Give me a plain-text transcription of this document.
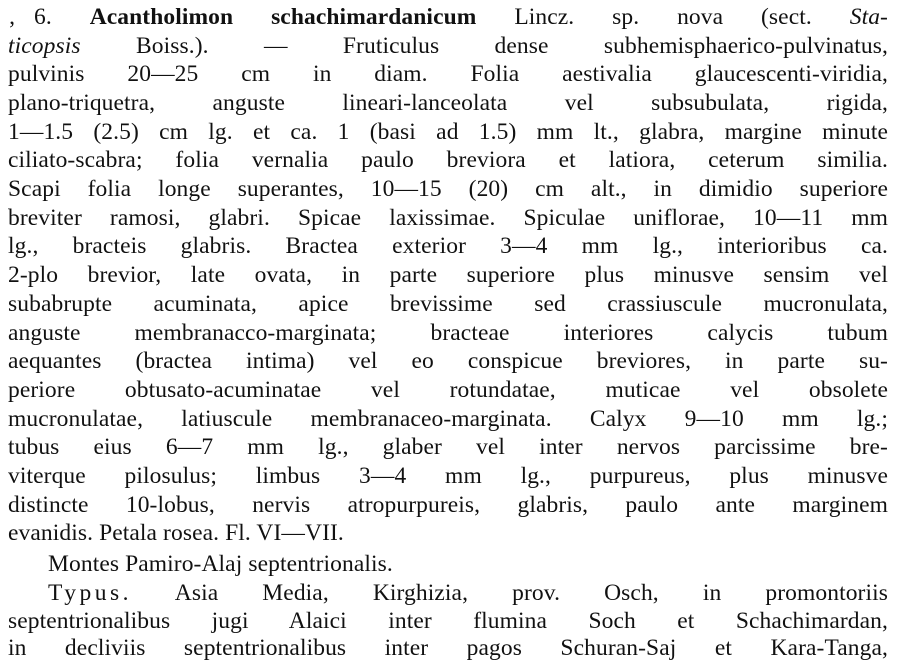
‚ 6. Acantholimon schachimardanicum Lincz. sp. nova (sect. Sta-
ticopsis Boiss.). — Fruticulus dense subhemisphaerico-pulvinatus,
pulvinis 20—25 cm in diam. Folia aestivalia glaucescenti-viridia,
plano-triquetra, anguste lineari-lanceolata vel subsubulata, rigida,
1—1.5 (2.5) cm lg. et ca. 1 (basi ad 1.5) mm lt., glabra, margine minute
ciliato-scabra; folia vernalia paulo breviora et latiora, ceterum similia.
Scapi folia longe superantes, 10—15 (20) cm alt., in dimidio superiore
breviter ramosi, glabri. Spicae laxissimae. Spiculae uniflorae, 10—11 mm
lg., bracteis glabris. Bractea exterior 3—4 mm lg., interioribus ca.
2-plo brevior, late ovata, in parte superiore plus minusve sensim vel
subabrupte acuminata, apice brevissime sed crassiuscule mucronulata,
anguste membranacco-marginata; bracteae interiores calycis tubum
aequantes (bractea intima) vel eo conspicue breviores, in parte su-
periore obtusato-acuminatae vel rotundatae, muticae vel obsolete
mucronulatae, latiuscule membranaceo-marginata. Calyx 9—10 mm lg.;
tubus eius 6—7 mm lg., glaber vel inter nervos parcissime bre-
viterque pilosulus; limbus 3—4 mm lg., purpureus, plus minusve
distincte 10-lobus, nervis atropurpureis, glabris, paulo ante marginem
evanidis. Petala rosea. Fl. VI—VII.
Montes Pamiro-Alaj septentrionalis.
Typus. Asia Media, Kirghizia, prov. Osch, in promontoriis
septentrionalibus jugi Alaici inter flumina Soch et Schachimardan,
in decliviis septentrionalibus inter pagos Schuran-Saj et Kara-Tanga,
